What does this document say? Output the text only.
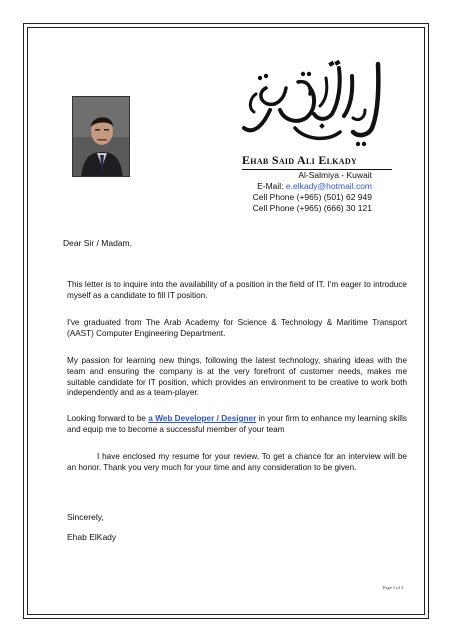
Ehab Said Ali Elkady
Al-Salmiya - Kuwait
E-Mail: e.elkady@hotmail.com
Cell Phone (+965) (501) 62 949
Cell Phone (+965) (666) 30 121
Dear Sir / Madam,
This letter is to inquire into the availability of a position in the field of IT. I'm eager to introduce myself as a candidate to fill IT position.
I've graduated from The Arab Academy for Science & Technology & Maritime Transport (AAST) Computer Engineering Department.
My passion for learning new things, following the latest technology, sharing ideas with the team and ensuring the company is at the very forefront of customer needs, makes me suitable candidate for IT position, which provides an environment to be creative to work both independently and as a team-player.
Looking forward to be a Web Developer / Designer in your firm to enhance my learning skills and equip me to become a successful member of your team
I have enclosed my resume for your review. To get a chance for an interview will be an honor. Thank you very much for your time and any consideration to be given.
Sincerely,
Ehab ElKady
Page 1 of 3
